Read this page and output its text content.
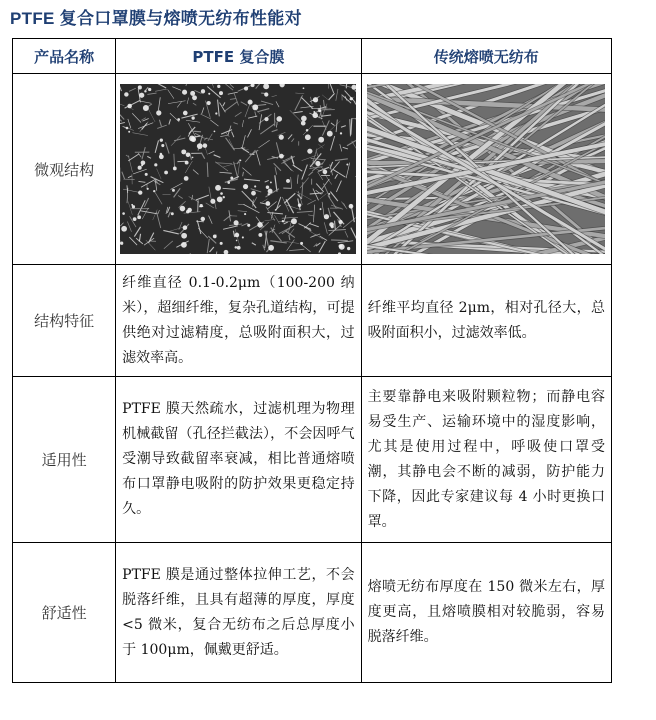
PTFE 复合口罩膜与熔喷无纺布性能对
产品名称	PTFE 复合膜	传统熔喷无纺布
微观结构	

结构特征	纤维直径 0.1-0.2μm（100-200 纳米），超细纤维，复杂孔道结构，可提供绝对过滤精度，总吸附面积大，过滤效率高。	纤维平均直径 2μm，相对孔径大，总吸附面积小，过滤效率低。
适用性	PTFE 膜天然疏水，过滤机理为物理机械截留（孔径拦截法），不会因呼气受潮导致截留率衰减，相比普通熔喷布口罩静电吸附的防护效果更稳定持久。	主要靠静电来吸附颗粒物；而静电容易受生产、运输环境中的湿度影响，尤其是使用过程中，呼吸使口罩受潮，其静电会不断的减弱，防护能力下降，因此专家建议每 4 小时更换口罩。
舒适性	PTFE 膜是通过整体拉伸工艺，不会脱落纤维，且具有超薄的厚度，厚度<5 微米，复合无纺布之后总厚度小于 100μm，佩戴更舒适。	熔喷无纺布厚度在 150 微米左右，厚度更高，且熔喷膜相对较脆弱，容易脱落纤维。
